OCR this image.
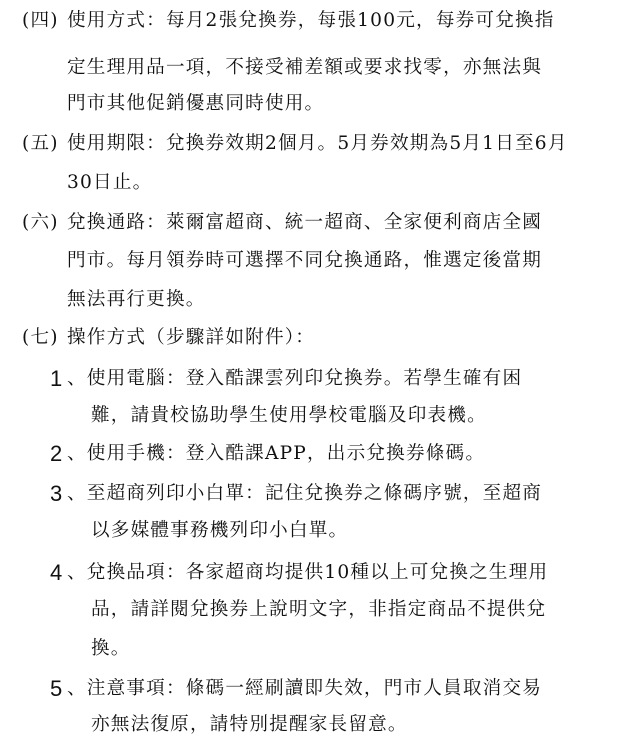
(四) 使用方式：每月2張兌換券，每張100元，每券可兌換指
定生理用品一項，不接受補差額或要求找零，亦無法與
門市其他促銷優惠同時使用。
(五) 使用期限：兌換券效期2個月。5月券效期為5月1日至6月
30日止。
(六) 兌換通路：萊爾富超商、統一超商、全家便利商店全國
門市。每月領券時可選擇不同兌換通路，惟選定後當期
無法再行更換。
(七) 操作方式（步驟詳如附件）：
1 、使用電腦：登入酷課雲列印兌換券。若學生確有困
難，請貴校協助學生使用學校電腦及印表機。
2 、使用手機：登入酷課APP，出示兌換券條碼。
3 、至超商列印小白單：記住兌換券之條碼序號，至超商
以多媒體事務機列印小白單。
4 、兌換品項：各家超商均提供10種以上可兌換之生理用
品，請詳閱兌換券上說明文字，非指定商品不提供兌
換。
5 、注意事項：條碼一經刷讀即失效，門市人員取消交易
亦無法復原，請特別提醒家長留意。
